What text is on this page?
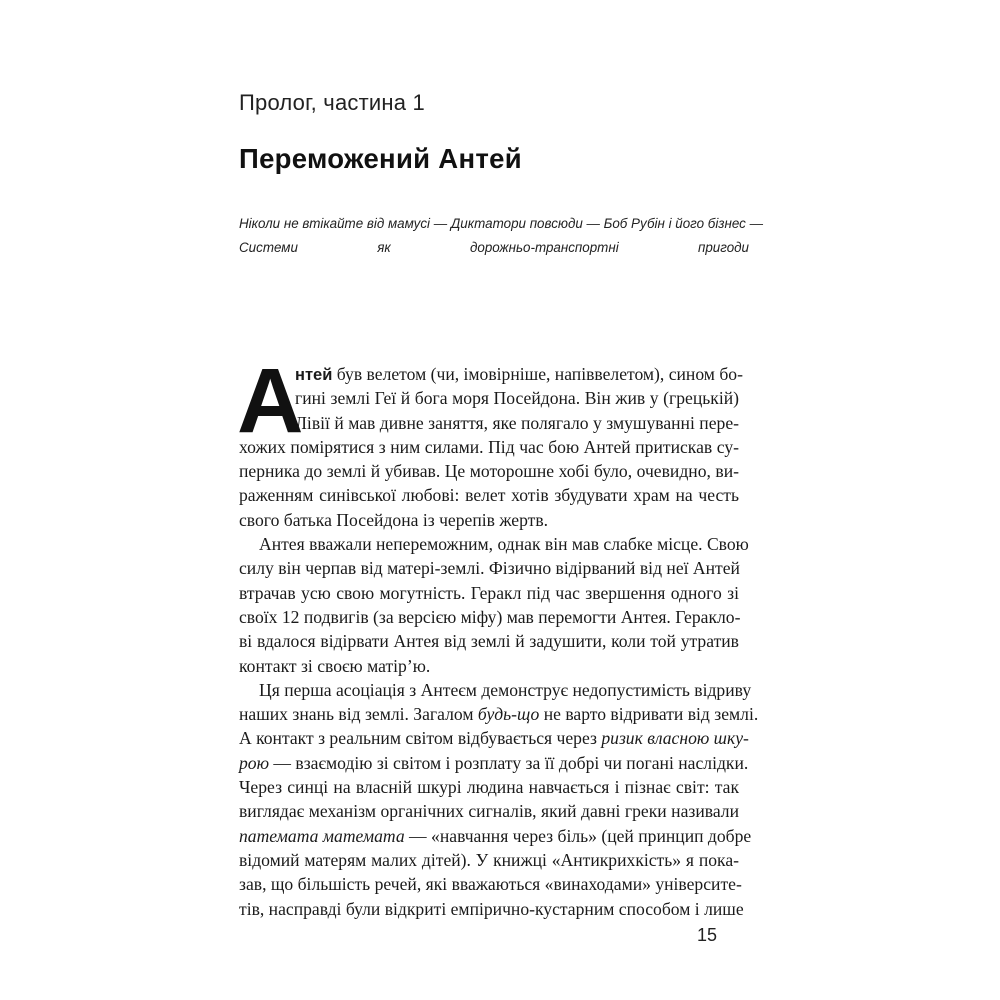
Пролог, частина 1
Переможений Антей
Ніколи не втікайте від мамусі — Диктатори повсюди — Боб Рубін і його бізнес —
Системи як дорожньо-транспортні пригоди
А
нтей був велетом (чи, імовірніше, напіввелетом), сином бо-
гині землі Геї й бога моря Посейдона. Він жив у (грецькій)
Лівії й мав дивне заняття, яке полягало у змушуванні пере-
хожих помірятися з ним силами. Під час бою Антей притискав су-
перника до землі й убивав. Це моторошне хобі було, очевидно, ви-
раженням синівської любові: велет хотів збудувати храм на честь
свого батька Посейдона із черепів жертв.
Антея вважали непереможним, однак він мав слабке місце. Свою
силу він черпав від матері-землі. Фізично відірваний від неї Антей
втрачав усю свою могутність. Геракл під час звершення одного зі
своїх 12 подвигів (за версією міфу) мав перемогти Антея. Гераклo-
ві вдалося відірвати Антея від землі й задушити, коли той утратив
контакт зі своєю матір’ю.
Ця перша асоціація з Антеєм демонструє недопустимість відриву
наших знань від землі. Загалом будь-що не варто відривати від землі.
А контакт з реальним світом відбувається через ризик власною шку-
рою — взаємодію зі світом і розплату за її добрі чи погані наслідки.
Через синці на власній шкурі людина навчається і пізнає світ: так
виглядає механізм органічних сигналів, який давні греки називали
патемата математа — «навчання через біль» (цей принцип добре
відомий матерям малих дітей). У книжці «Антикрихкість» я пока-
зав, що більшість речей, які вважаються «винаходами» університе-
тів, насправді були відкриті емпірично-кустарним способом і лише
15
